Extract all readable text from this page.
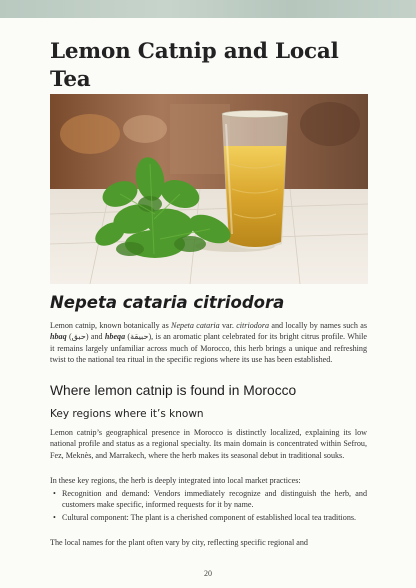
Lemon Catnip and Local Tea
Nepeta cataria citriodora

Lemon catnip, known botanically as Nepeta cataria var. citriodora and locally by names such as hbaq (حبق) and hbeqa (حبيقة), is an aromatic plant celebrated for its bright citrus profile. While it remains largely unfamiliar across much of Morocco, this herb brings a unique and refreshing twist to the national tea ritual in the specific regions where its use has been established.

Where lemon catnip is found in Morocco
Key regions where it’s known

Lemon catnip’s geographical presence in Morocco is distinctly localized, explaining its low national profile and status as a regional specialty. Its main domain is concentrated within Sefrou, Fez, Meknès, and Marrakech, where the herb makes its seasonal debut in traditional souks.

In these key regions, the herb is deeply integrated into local market practices:

• Recognition and demand: Vendors immediately recognize and distinguish the herb, and customers make specific, informed requests for it by name.
• Cultural component: The plant is a cherished component of established local tea traditions.

The local names for the plant often vary by city, reflecting specific regional and

20
